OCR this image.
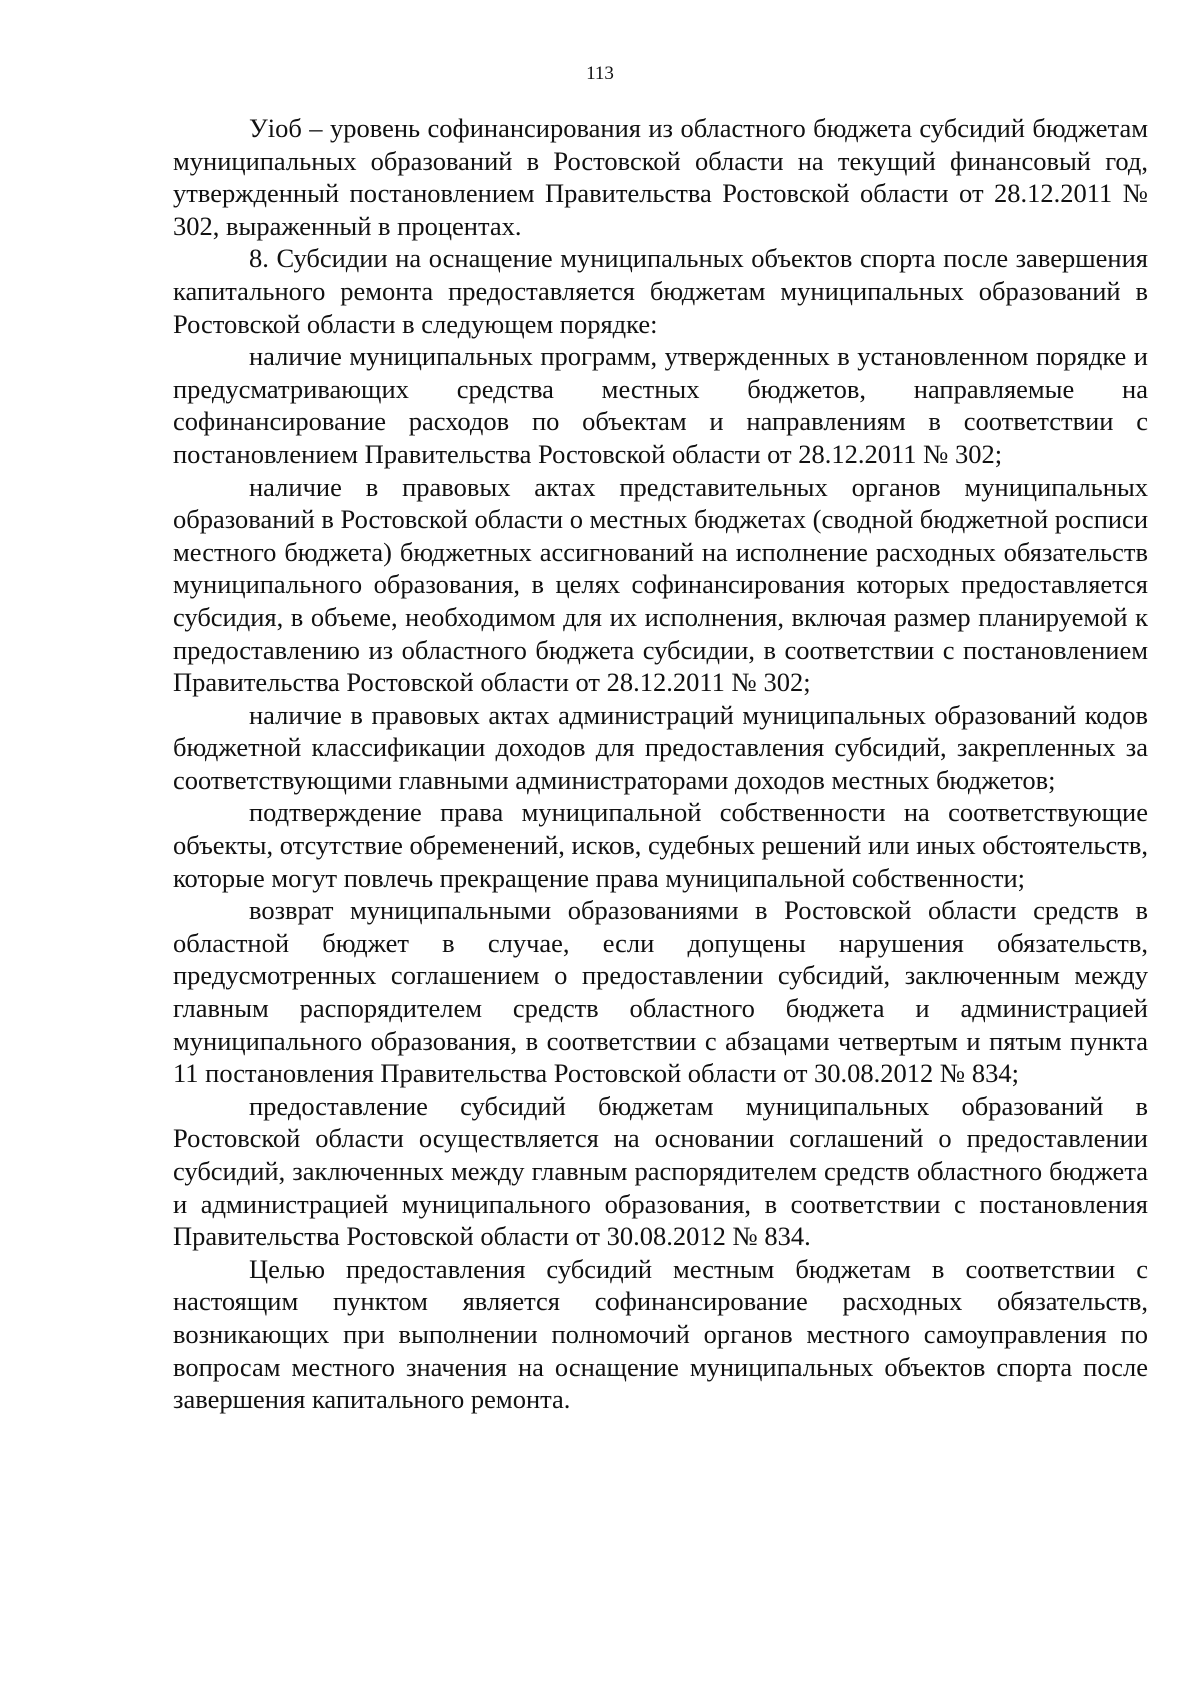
113

Уiоб – уровень софинансирования из областного бюджета субсидий бюджетам муниципальных образований в Ростовской области на текущий финансовый год, утвержденный постановлением Правительства Ростовской области от 28.12.2011 № 302, выраженный в процентах.

8. Субсидии на оснащение муниципальных объектов спорта после завершения капитального ремонта предоставляется бюджетам муниципальных образований в Ростовской области в следующем порядке:

наличие муниципальных программ, утвержденных в установленном порядке и предусматривающих средства местных бюджетов, направляемые на софинансирование расходов по объектам и направлениям в соответствии с постановлением Правительства Ростовской области от 28.12.2011 № 302;

наличие в правовых актах представительных органов муниципальных образований в Ростовской области о местных бюджетах (сводной бюджетной росписи местного бюджета) бюджетных ассигнований на исполнение расходных обязательств муниципального образования, в целях софинансирования которых предоставляется субсидия, в объеме, необходимом для их исполнения, включая размер планируемой к предоставлению из областного бюджета субсидии, в соответствии с постановлением Правительства Ростовской области от 28.12.2011 № 302;

наличие в правовых актах администраций муниципальных образований кодов бюджетной классификации доходов для предоставления субсидий, закрепленных за соответствующими главными администраторами доходов местных бюджетов;

подтверждение права муниципальной собственности на соответствующие объекты, отсутствие обременений, исков, судебных решений или иных обстоятельств, которые могут повлечь прекращение права муниципальной собственности;

возврат муниципальными образованиями в Ростовской области средств в областной бюджет в случае, если допущены нарушения обязательств, предусмотренных соглашением о предоставлении субсидий, заключенным между главным распорядителем средств областного бюджета и администрацией муниципального образования, в соответствии с абзацами четвертым и пятым пункта 11 постановления Правительства Ростовской области от 30.08.2012 № 834;

предоставление субсидий бюджетам муниципальных образований в Ростовской области осуществляется на основании соглашений о предоставлении субсидий, заключенных между главным распорядителем средств областного бюджета и администрацией муниципального образования, в соответствии с постановления Правительства Ростовской области от 30.08.2012 № 834.

Целью предоставления субсидий местным бюджетам в соответствии с настоящим пунктом является софинансирование расходных обязательств, возникающих при выполнении полномочий органов местного самоуправления по вопросам местного значения на оснащение муниципальных объектов спорта после завершения капитального ремонта.
